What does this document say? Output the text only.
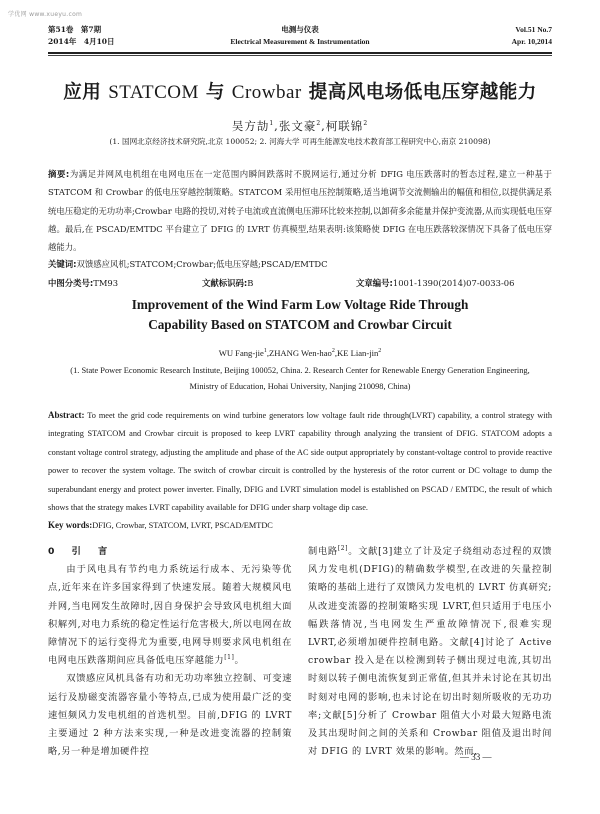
学优网 www.xueyu.com
第51卷　第7期
2014年　4月10日
电测与仪表
Electrical Measurement & Instrumentation
Vol.51 No.7
Apr. 10,2014
应用 STATCOM 与 Crowbar 提高风电场低电压穿越能力
吴方劼$^1$,张文豪$^2$,柯联锦$^2$
(1. 国网北京经济技术研究院,北京 100052; 2. 河海大学 可再生能源发电技术教育部工程研究中心,南京 210098)
摘要:为满足并网风电机组在电网电压在一定范围内瞬间跌落时不脱网运行,通过分析 DFIG 电压跌落时的暂态过程,建立一种基于 STATCOM 和 Crowbar 的低电压穿越控制策略。STATCOM 采用恒电压控制策略,适当地调节交流侧输出的幅值和相位,以提供满足系统电压稳定的无功功率;Crowbar 电路的投切,对转子电流或直流侧电压滞环比较来控制,以卸荷多余能量并保护变流器,从而实现低电压穿越。最后,在 PSCAD/EMTDC 平台建立了 DFIG 的 LVRT 仿真模型,结果表明:该策略使 DFIG 在电压跌落较深情况下具备了低电压穿越能力。
关键词:双馈感应风机;STATCOM;Crowbar;低电压穿越;PSCAD/EMTDC
中图分类号:TM93	文献标识码:B	文章编号:1001-1390(2014)07-0033-06
Improvement of the Wind Farm Low Voltage Ride Through
Capability Based on STATCOM and Crowbar Circuit
WU Fang-jie$^1$,ZHANG Wen-hao$^2$,KE Lian-jin$^2$
(1. State Power Economic Research Institute, Beijing 100052, China. 2. Research Center for Renewable Energy Generation Engineering, Ministry of Education, Hohai University, Nanjing 210098, China)
Abstract: To meet the grid code requirements on wind turbine generators low voltage fault ride through(LVRT) capability, a control strategy with integrating STATCOM and Crowbar circuit is proposed to keep LVRT capability through analyzing the transient of DFIG. STATCOM adopts a constant voltage control strategy, adjusting the amplitude and phase of the AC side output appropriately by constant-voltage control to provide reactive power to recover the system voltage. The switch of crowbar circuit is controlled by the hysteresis of the rotor current or DC voltage to dump the superabundant energy and protect power inverter. Finally, DFIG and LVRT simulation model is established on PSCAD / EMTDC, the result of which shows that the strategy makes LVRT capability available for DFIG under sharp voltage dip case.
Key words:DFIG, Crowbar, STATCOM, LVRT, PSCAD/EMTDC
0　引　言
由于风电具有节约电力系统运行成本、无污染等优点,近年来在许多国家得到了快速发展。随着大规模风电并网,当电网发生故障时,因自身保护会导致风电机组大面积解列,对电力系统的稳定性运行危害极大,所以电网在故障情况下的运行变得尤为重要,电网导则要求风电机组在电网电压跌落期间应具备低电压穿越能力[1]。
双馈感应风机具备有功和无功功率独立控制、可变速运行及励磁变流器容量小等特点,已成为使用最广泛的变速恒频风力发电机组的首选机型。目前,DFIG 的 LVRT 主要通过 2 种方法来实现,一种是改进变流器的控制策略,另一种是增加硬件控
制电路[2]。文献[3]建立了计及定子绕组动态过程的双馈风力发电机(DFIG)的精确数学模型,在改进的矢量控制策略的基础上进行了双馈风力发电机的 LVRT 仿真研究;从改进变流器的控制策略实现 LVRT,但只适用于电压小幅跌落情况,当电网发生严重故障情况下,很难实现 LVRT,必须增加硬件控制电路。文献[4]讨论了 Active crowbar 投入是在以检测到转子侧出现过电流,其切出时刻以转子侧电流恢复到正常值,但其并未讨论在其切出时刻对电网的影响,也未讨论在切出时刻所吸收的无功功率;文献[5]分析了 Crowbar 阻值大小对最大短路电流及其出现时间之间的关系和 Crowbar 阻值及退出时间对 DFIG 的 LVRT 效果的影响。然而,
— 33 —
